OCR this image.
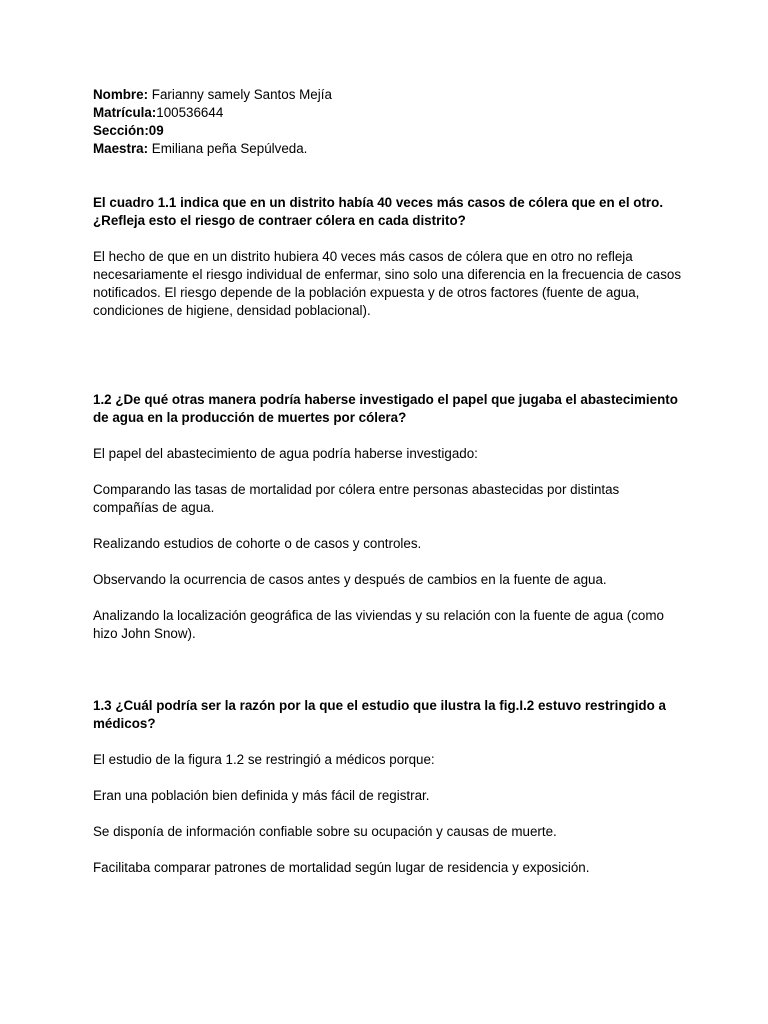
Nombre: Farianny samely Santos Mejía

Matrícula:100536644

Sección:09

Maestra: Emiliana peña Sepúlveda.

El cuadro 1.1 indica que en un distrito había 40 veces más casos de cólera que en el otro. ¿Refleja esto el riesgo de contraer cólera en cada distrito?

El hecho de que en un distrito hubiera 40 veces más casos de cólera que en otro no refleja necesariamente el riesgo individual de enfermar, sino solo una diferencia en la frecuencia de casos notificados. El riesgo depende de la población expuesta y de otros factores (fuente de agua, condiciones de higiene, densidad poblacional).

1.2 ¿De qué otras manera podría haberse investigado el papel que jugaba el abastecimiento de agua en la producción de muertes por cólera?

El papel del abastecimiento de agua podría haberse investigado:

Comparando las tasas de mortalidad por cólera entre personas abastecidas por distintas compañías de agua.

Realizando estudios de cohorte o de casos y controles.

Observando la ocurrencia de casos antes y después de cambios en la fuente de agua.

Analizando la localización geográfica de las viviendas y su relación con la fuente de agua (como hizo John Snow).

1.3 ¿Cuál podría ser la razón por la que el estudio que ilustra la fig.I.2 estuvo restringido a médicos?

El estudio de la figura 1.2 se restringió a médicos porque:

Eran una población bien definida y más fácil de registrar.

Se disponía de información confiable sobre su ocupación y causas de muerte.

Facilitaba comparar patrones de mortalidad según lugar de residencia y exposición.
